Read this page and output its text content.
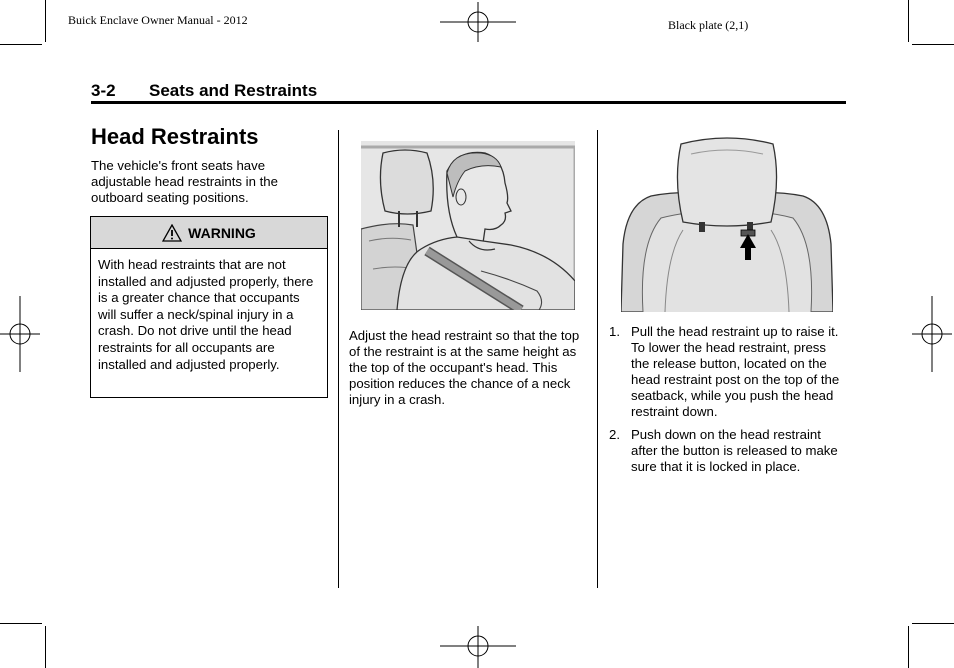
Buick Enclave Owner Manual - 2012	Black plate (2,1)
3-2 Seats and Restraints
Head Restraints
The vehicle's front seats have adjustable head restraints in the outboard seating positions.
WARNING
With head restraints that are not installed and adjusted properly, there is a greater chance that occupants will suffer a neck/spinal injury in a crash. Do not drive until the head restraints for all occupants are installed and adjusted properly.
Adjust the head restraint so that the top of the restraint is at the same height as the top of the occupant's head. This position reduces the chance of a neck injury in a crash.
1. Pull the head restraint up to raise it. To lower the head restraint, press the release button, located on the head restraint post on the top of the seatback, while you push the head restraint down.
2. Push down on the head restraint after the button is released to make sure that it is locked in place.
